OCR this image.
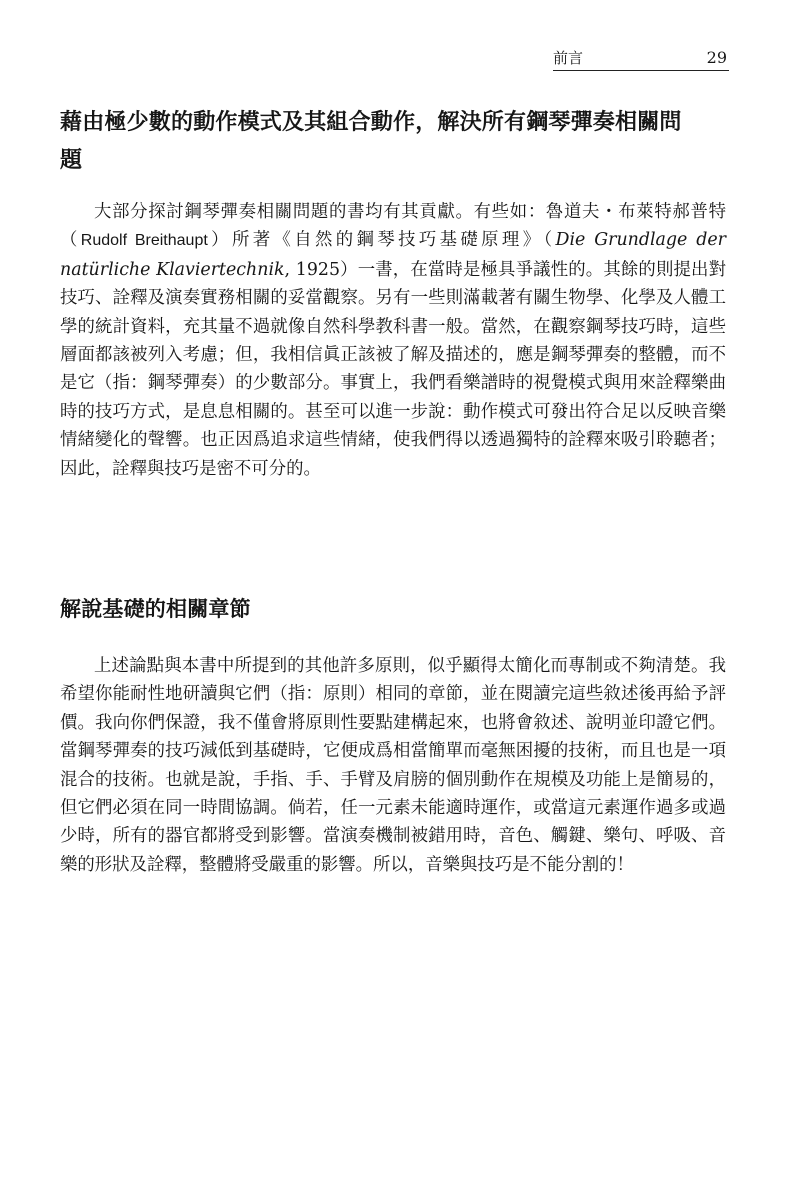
前言	29
藉由極少數的動作模式及其組合動作，解決所有鋼琴彈奏相關問
題

大部分探討鋼琴彈奏相關問題的書均有其貢獻。有些如：魯道夫・布萊特郝普特（Rudolf Breithaupt）所著《自然的鋼琴技巧基礎原理》（Die Grundlage der natürliche Klaviertechnik, 1925）一書，在當時是極具爭議性的。其餘的則提出對技巧、詮釋及演奏實務相關的妥當觀察。另有一些則滿載著有關生物學、化學及人體工學的統計資料，充其量不過就像自然科學教科書一般。當然，在觀察鋼琴技巧時，這些層面都該被列入考慮；但，我相信眞正該被了解及描述的，應是鋼琴彈奏的整體，而不是它（指：鋼琴彈奏）的少數部分。事實上，我們看樂譜時的視覺模式與用來詮釋樂曲時的技巧方式，是息息相關的。甚至可以進一步說：動作模式可發出符合足以反映音樂情緒變化的聲響。也正因爲追求這些情緒，使我們得以透過獨特的詮釋來吸引聆聽者；因此，詮釋與技巧是密不可分的。

解說基礎的相關章節

上述論點與本書中所提到的其他許多原則，似乎顯得太簡化而專制或不夠清楚。我希望你能耐性地研讀與它們（指：原則）相同的章節，並在閱讀完這些敘述後再給予評價。我向你們保證，我不僅會將原則性要點建構起來，也將會敘述、說明並印證它們。當鋼琴彈奏的技巧減低到基礎時，它便成爲相當簡單而毫無困擾的技術，而且也是一項混合的技術。也就是說，手指、手、手臂及肩膀的個別動作在規模及功能上是簡易的，但它們必須在同一時間協調。倘若，任一元素未能適時運作，或當這元素運作過多或過少時，所有的器官都將受到影響。當演奏機制被錯用時，音色、觸鍵、樂句、呼吸、音樂的形狀及詮釋，整體將受嚴重的影響。所以，音樂與技巧是不能分割的！
